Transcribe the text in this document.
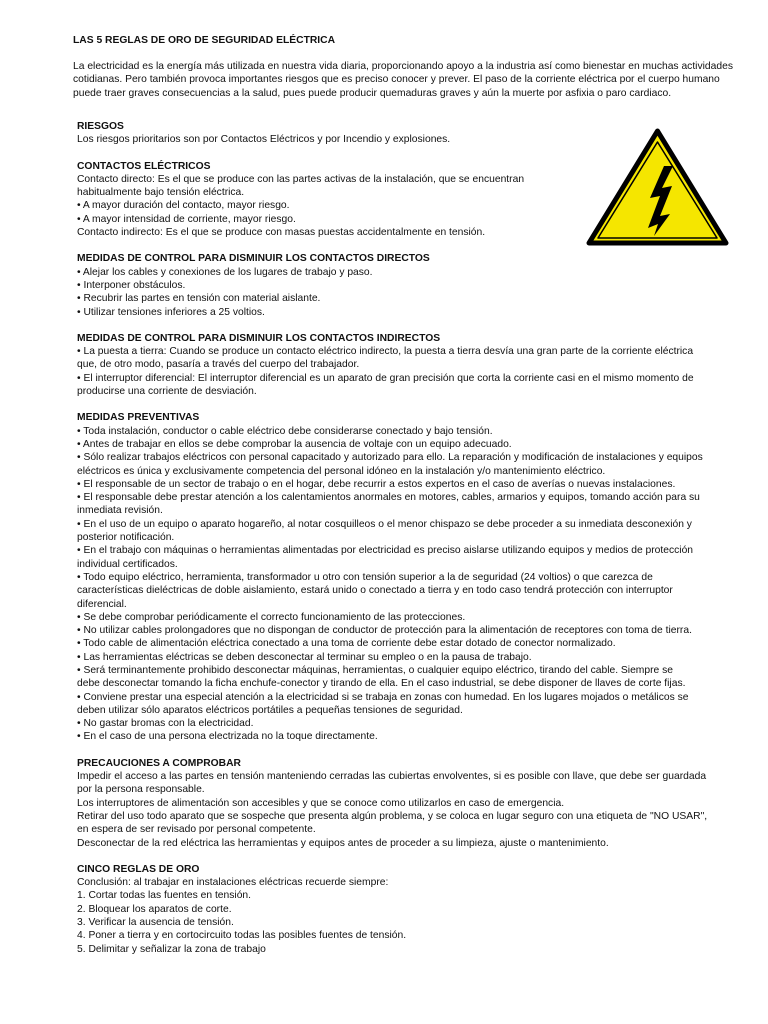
LAS 5 REGLAS DE ORO DE SEGURIDAD ELÉCTRICA
La electricidad es la energía más utilizada en nuestra vida diaria, proporcionando apoyo a la industria así como bienestar en muchas actividades cotidianas. Pero también provoca importantes riesgos que es preciso conocer y prever. El paso de la corriente eléctrica por el cuerpo humano puede traer graves consecuencias a la salud, pues puede producir quemaduras graves y aún la muerte por asfixia o paro cardiaco.
RIESGOS
Los riesgos prioritarios son por Contactos Eléctricos y por Incendio y explosiones.
CONTACTOS ELÉCTRICOS
Contacto directo: Es el que se produce con las partes activas de la instalación, que se encuentran habitualmente bajo tensión eléctrica.
• A mayor duración del contacto, mayor riesgo.
• A mayor intensidad de corriente, mayor riesgo.
Contacto indirecto: Es el que se produce con masas puestas accidentalmente en tensión.
MEDIDAS DE CONTROL PARA DISMINUIR LOS CONTACTOS DIRECTOS
• Alejar los cables y conexiones de los lugares de trabajo y paso.
• Interponer obstáculos.
• Recubrir las partes en tensión con material aislante.
• Utilizar tensiones inferiores a 25 voltios.
MEDIDAS DE CONTROL PARA DISMINUIR LOS CONTACTOS INDIRECTOS
• La puesta a tierra: Cuando se produce un contacto eléctrico indirecto, la puesta a tierra desvía una gran parte de la corriente eléctrica
que, de otro modo, pasaría a través del cuerpo del trabajador.
• El interruptor diferencial: El interruptor diferencial es un aparato de gran precisión que corta la corriente casi en el mismo momento de
producirse una corriente de desviación.
MEDIDAS PREVENTIVAS
• Toda instalación, conductor o cable eléctrico debe considerarse conectado y bajo tensión.
• Antes de trabajar en ellos se debe comprobar la ausencia de voltaje con un equipo adecuado.
• Sólo realizar trabajos eléctricos con personal capacitado y autorizado para ello. La reparación y modificación de instalaciones y equipos
eléctricos es única y exclusivamente competencia del personal idóneo en la instalación y/o mantenimiento eléctrico.
• El responsable de un sector de trabajo o en el hogar, debe recurrir a estos expertos en el caso de averías o nuevas instalaciones.
• El responsable debe prestar atención a los calentamientos anormales en motores, cables, armarios y equipos, tomando acción para su
inmediata revisión.
• En el uso de un equipo o aparato hogareño, al notar cosquilleos o el menor chispazo se debe proceder a su inmediata desconexión y
posterior notificación.
• En el trabajo con máquinas o herramientas alimentadas por electricidad es preciso aislarse utilizando equipos y medios de protección
individual certificados.
• Todo equipo eléctrico, herramienta, transformador u otro con tensión superior a la de seguridad (24 voltios) o que carezca de
características dieléctricas de doble aislamiento, estará unido o conectado a tierra y en todo caso tendrá protección con interruptor
diferencial.
• Se debe comprobar periódicamente el correcto funcionamiento de las protecciones.
• No utilizar cables prolongadores que no dispongan de conductor de protección para la alimentación de receptores con toma de tierra.
• Todo cable de alimentación eléctrica conectado a una toma de corriente debe estar dotado de conector normalizado.
• Las herramientas eléctricas se deben desconectar al terminar su empleo o en la pausa de trabajo.
• Será terminantemente prohibido desconectar máquinas, herramientas, o cualquier equipo eléctrico, tirando del cable. Siempre se
debe desconectar tomando la ficha enchufe-conector y tirando de ella. En el caso industrial, se debe disponer de llaves de corte fijas.
• Conviene prestar una especial atención a la electricidad si se trabaja en zonas con humedad. En los lugares mojados o metálicos se
deben utilizar sólo aparatos eléctricos portátiles a pequeñas tensiones de seguridad.
• No gastar bromas con la electricidad.
• En el caso de una persona electrizada no la toque directamente.
PRECAUCIONES A COMPROBAR
Impedir el acceso a las partes en tensión manteniendo cerradas las cubiertas envolventes, si es posible con llave, que debe ser guardada
por la persona responsable.
Los interruptores de alimentación son accesibles y que se conoce como utilizarlos en caso de emergencia.
Retirar del uso todo aparato que se sospeche que presenta algún problema, y se coloca en lugar seguro con una etiqueta de "NO USAR",
en espera de ser revisado por personal competente.
Desconectar de la red eléctrica las herramientas y equipos antes de proceder a su limpieza, ajuste o mantenimiento.
CINCO REGLAS DE ORO
Conclusión: al trabajar en instalaciones eléctricas recuerde siempre:
1. Cortar todas las fuentes en tensión.
2. Bloquear los aparatos de corte.
3. Verificar la ausencia de tensión.
4. Poner a tierra y en cortocircuito todas las posibles fuentes de tensión.
5. Delimitar y señalizar la zona de trabajo
